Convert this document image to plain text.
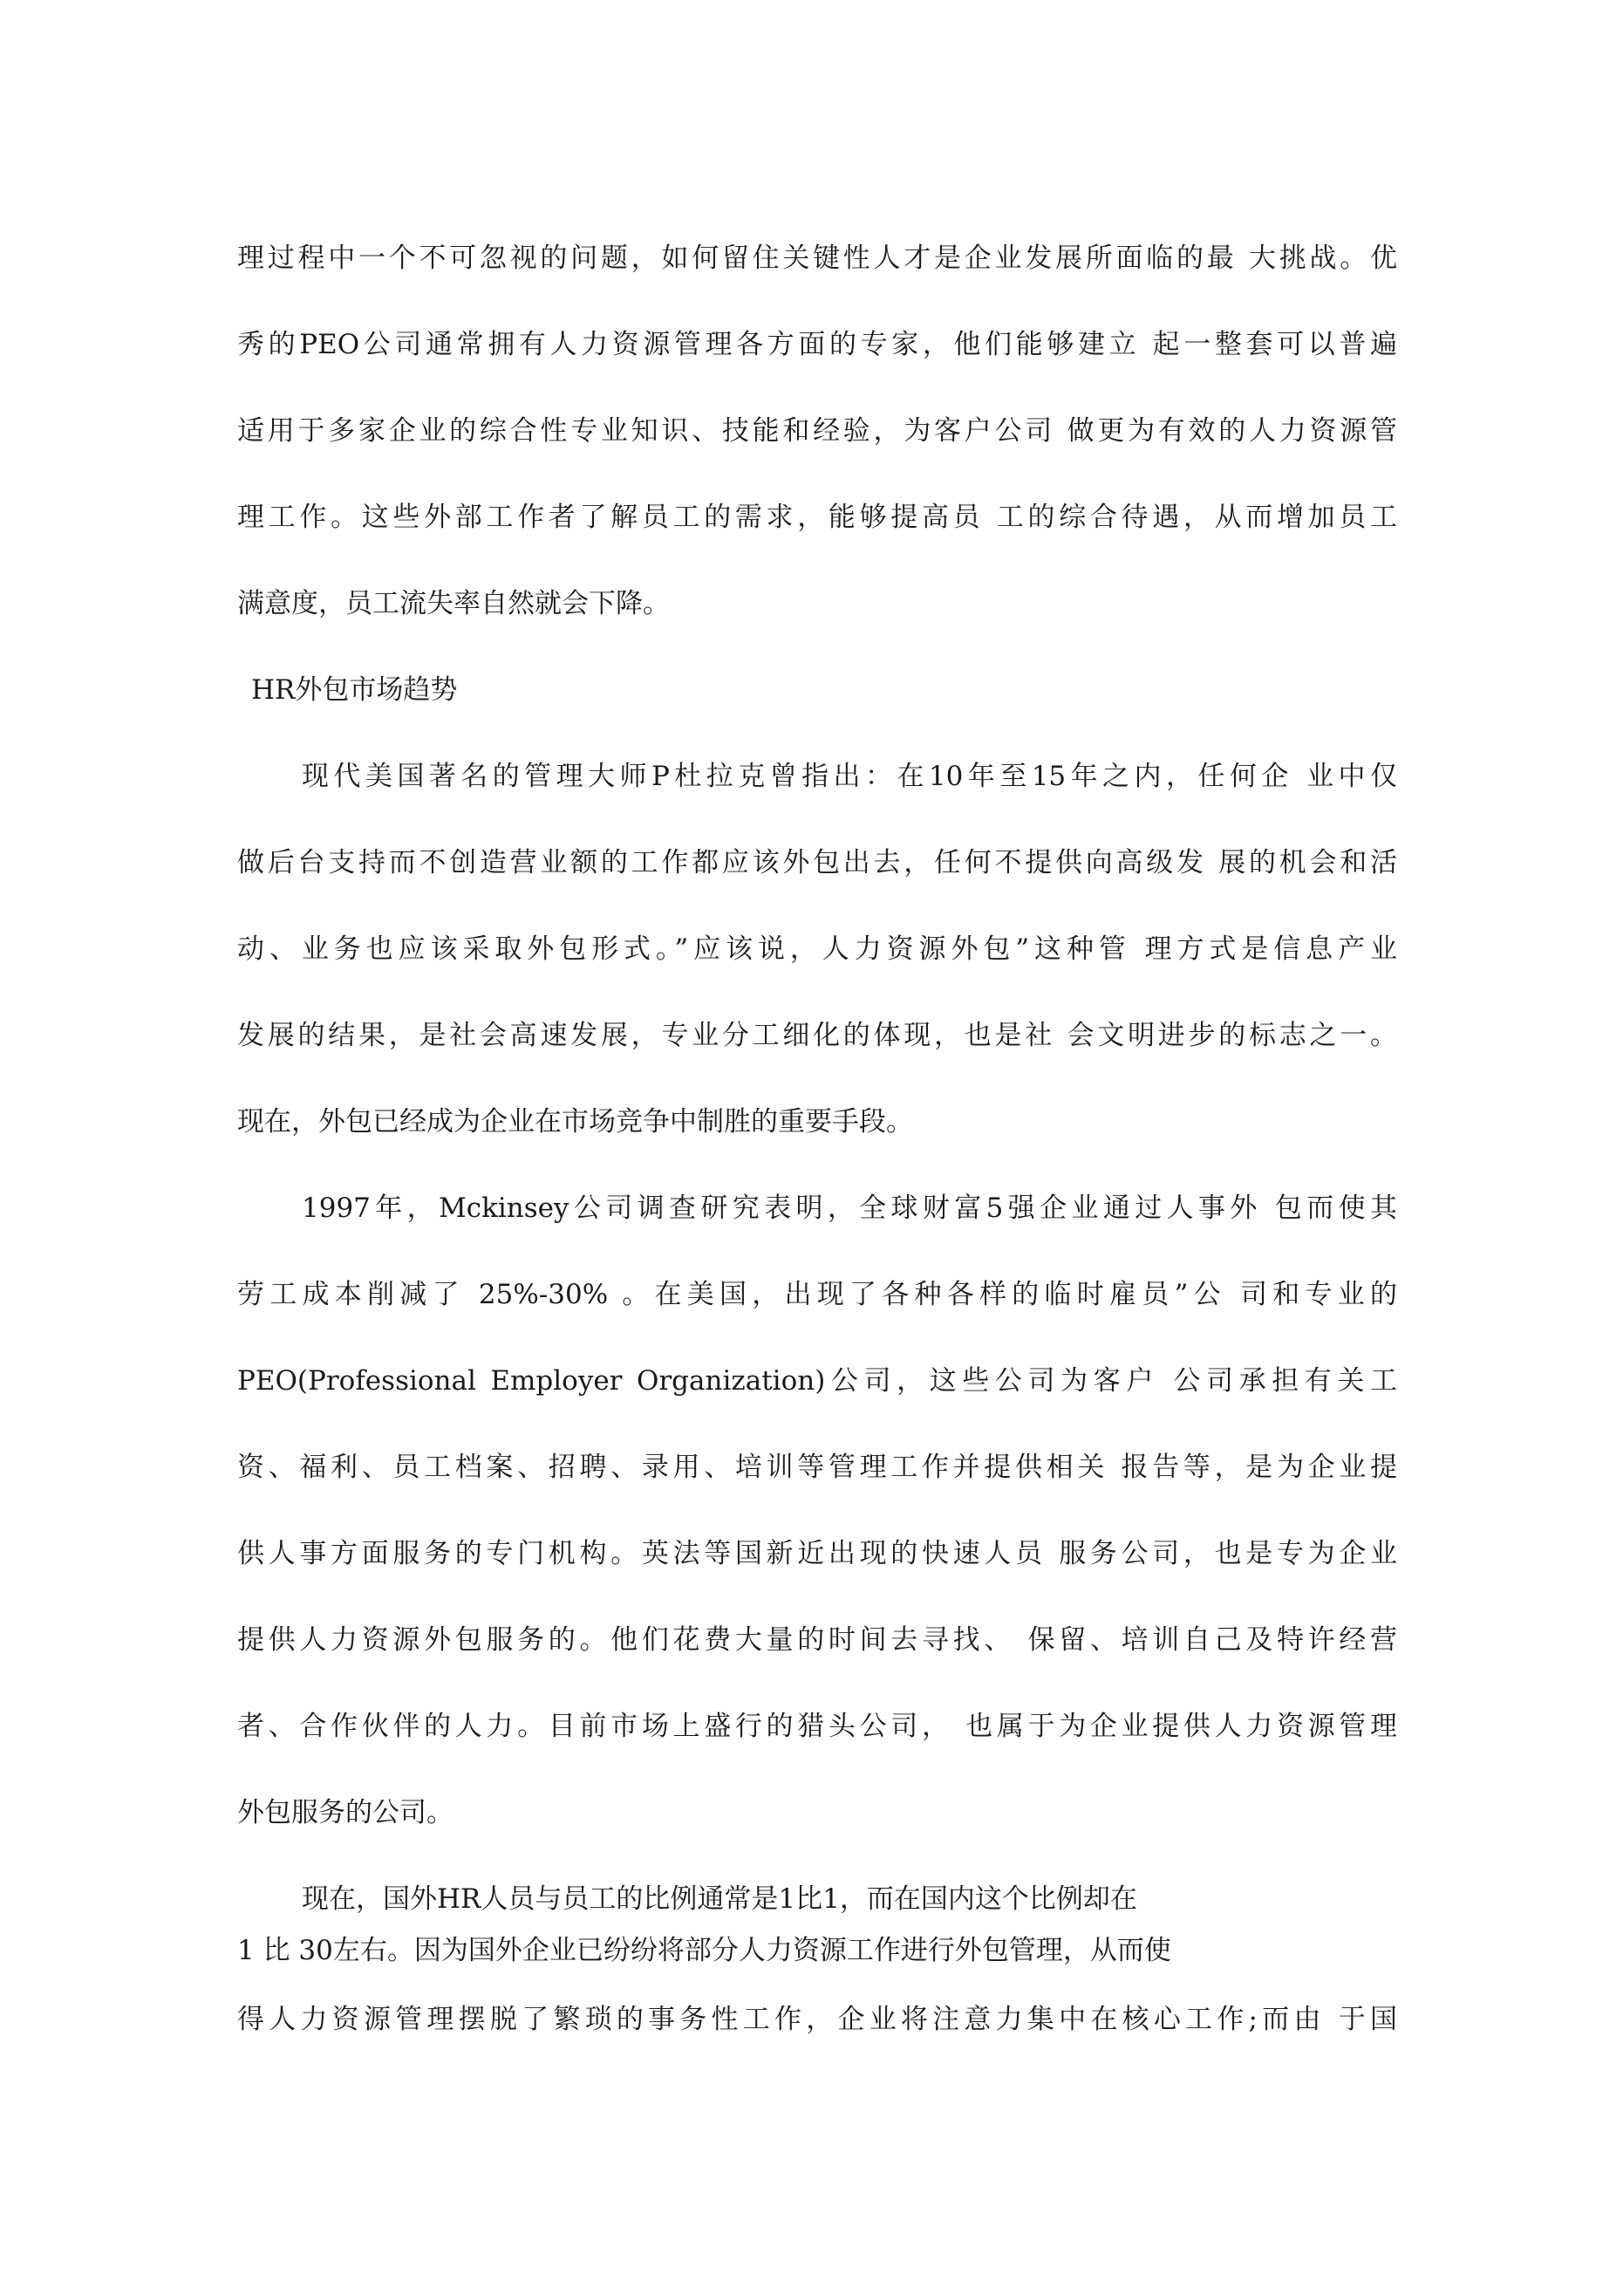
理过程中一个不可忽视的问题，如何留住关键性人才是企业发展所面临的最 大挑战。优
秀的PEO公司通常拥有人力资源管理各方面的专家，他们能够建立 起一整套可以普遍
适用于多家企业的综合性专业知识、技能和经验，为客户公司 做更为有效的人力资源管
理工作。这些外部工作者了解员工的需求，能够提高员 工的综合待遇，从而增加员工
满意度，员工流失率自然就会下降。
HR外包市场趋势
现代美国著名的管理大师P杜拉克曾指出：在10年至15年之内，任何企 业中仅
做后台支持而不创造营业额的工作都应该外包出去，任何不提供向高级发 展的机会和活
动、业务也应该采取外包形式。”应该说，人力资源外包”这种管 理方式是信息产业
发展的结果，是社会高速发展，专业分工细化的体现，也是社 会文明进步的标志之一。
现在，外包已经成为企业在市场竞争中制胜的重要手段。
1997年，Mckinsey公司调查研究表明，全球财富5强企业通过人事外 包而使其
劳工成本削减了 25%-30% 。在美国，出现了各种各样的临时雇员”公 司和专业的
PEO(Professional Employer Organization)公司，这些公司为客户 公司承担有关工
资、福利、员工档案、招聘、录用、培训等管理工作并提供相关 报告等，是为企业提
供人事方面服务的专门机构。英法等国新近出现的快速人员 服务公司，也是专为企业
提供人力资源外包服务的。他们花费大量的时间去寻找、 保留、培训自己及特许经营
者、合作伙伴的人力。目前市场上盛行的猎头公司， 也属于为企业提供人力资源管理
外包服务的公司。
现在，国外HR人员与员工的比例通常是1比1，而在国内这个比例却在
1 比 30左右。因为国外企业已纷纷将部分人力资源工作进行外包管理，从而使
得人力资源管理摆脱了繁琐的事务性工作，企业将注意力集中在核心工作;而由 于国
